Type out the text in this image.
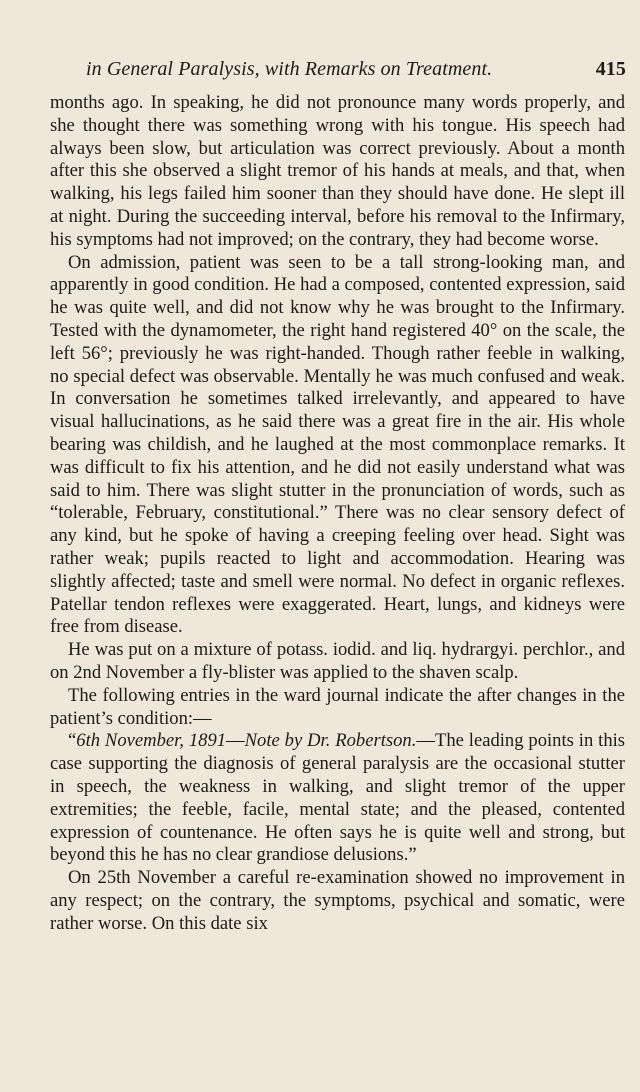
in General Paralysis, with Remarks on Treatment.	415

months ago. In speaking, he did not pronounce many words properly, and she thought there was something wrong with his tongue. His speech had always been slow, but articulation was correct previously. About a month after this she observed a slight tremor of his hands at meals, and that, when walking, his legs failed him sooner than they should have done. He slept ill at night. During the succeeding interval, before his removal to the Infirmary, his symptoms had not improved; on the contrary, they had become worse.

On admission, patient was seen to be a tall strong-looking man, and apparently in good condition. He had a composed, contented expression, said he was quite well, and did not know why he was brought to the Infirmary. Tested with the dynamometer, the right hand registered 40° on the scale, the left 56°; previously he was right-handed. Though rather feeble in walking, no special defect was observable. Mentally he was much confused and weak. In conversation he sometimes talked irrelevantly, and appeared to have visual hallucinations, as he said there was a great fire in the air. His whole bearing was childish, and he laughed at the most commonplace remarks. It was difficult to fix his attention, and he did not easily understand what was said to him. There was slight stutter in the pronunciation of words, such as “tolerable, February, constitutional.” There was no clear sensory defect of any kind, but he spoke of having a creeping feeling over head. Sight was rather weak; pupils reacted to light and accommodation. Hearing was slightly affected; taste and smell were normal. No defect in organic reflexes. Patellar tendon reflexes were exaggerated. Heart, lungs, and kidneys were free from disease.

He was put on a mixture of potass. iodid. and liq. hydrargyi. perchlor., and on 2nd November a fly-blister was applied to the shaven scalp.

The following entries in the ward journal indicate the after changes in the patient’s condition:—

“6th November, 1891—Note by Dr. Robertson.—The leading points in this case supporting the diagnosis of general paralysis are the occasional stutter in speech, the weakness in walking, and slight tremor of the upper extremities; the feeble, facile, mental state; and the pleased, contented expression of countenance. He often says he is quite well and strong, but beyond this he has no clear grandiose delusions.”

On 25th November a careful re-examination showed no improvement in any respect; on the contrary, the symptoms, psychical and somatic, were rather worse. On this date six
